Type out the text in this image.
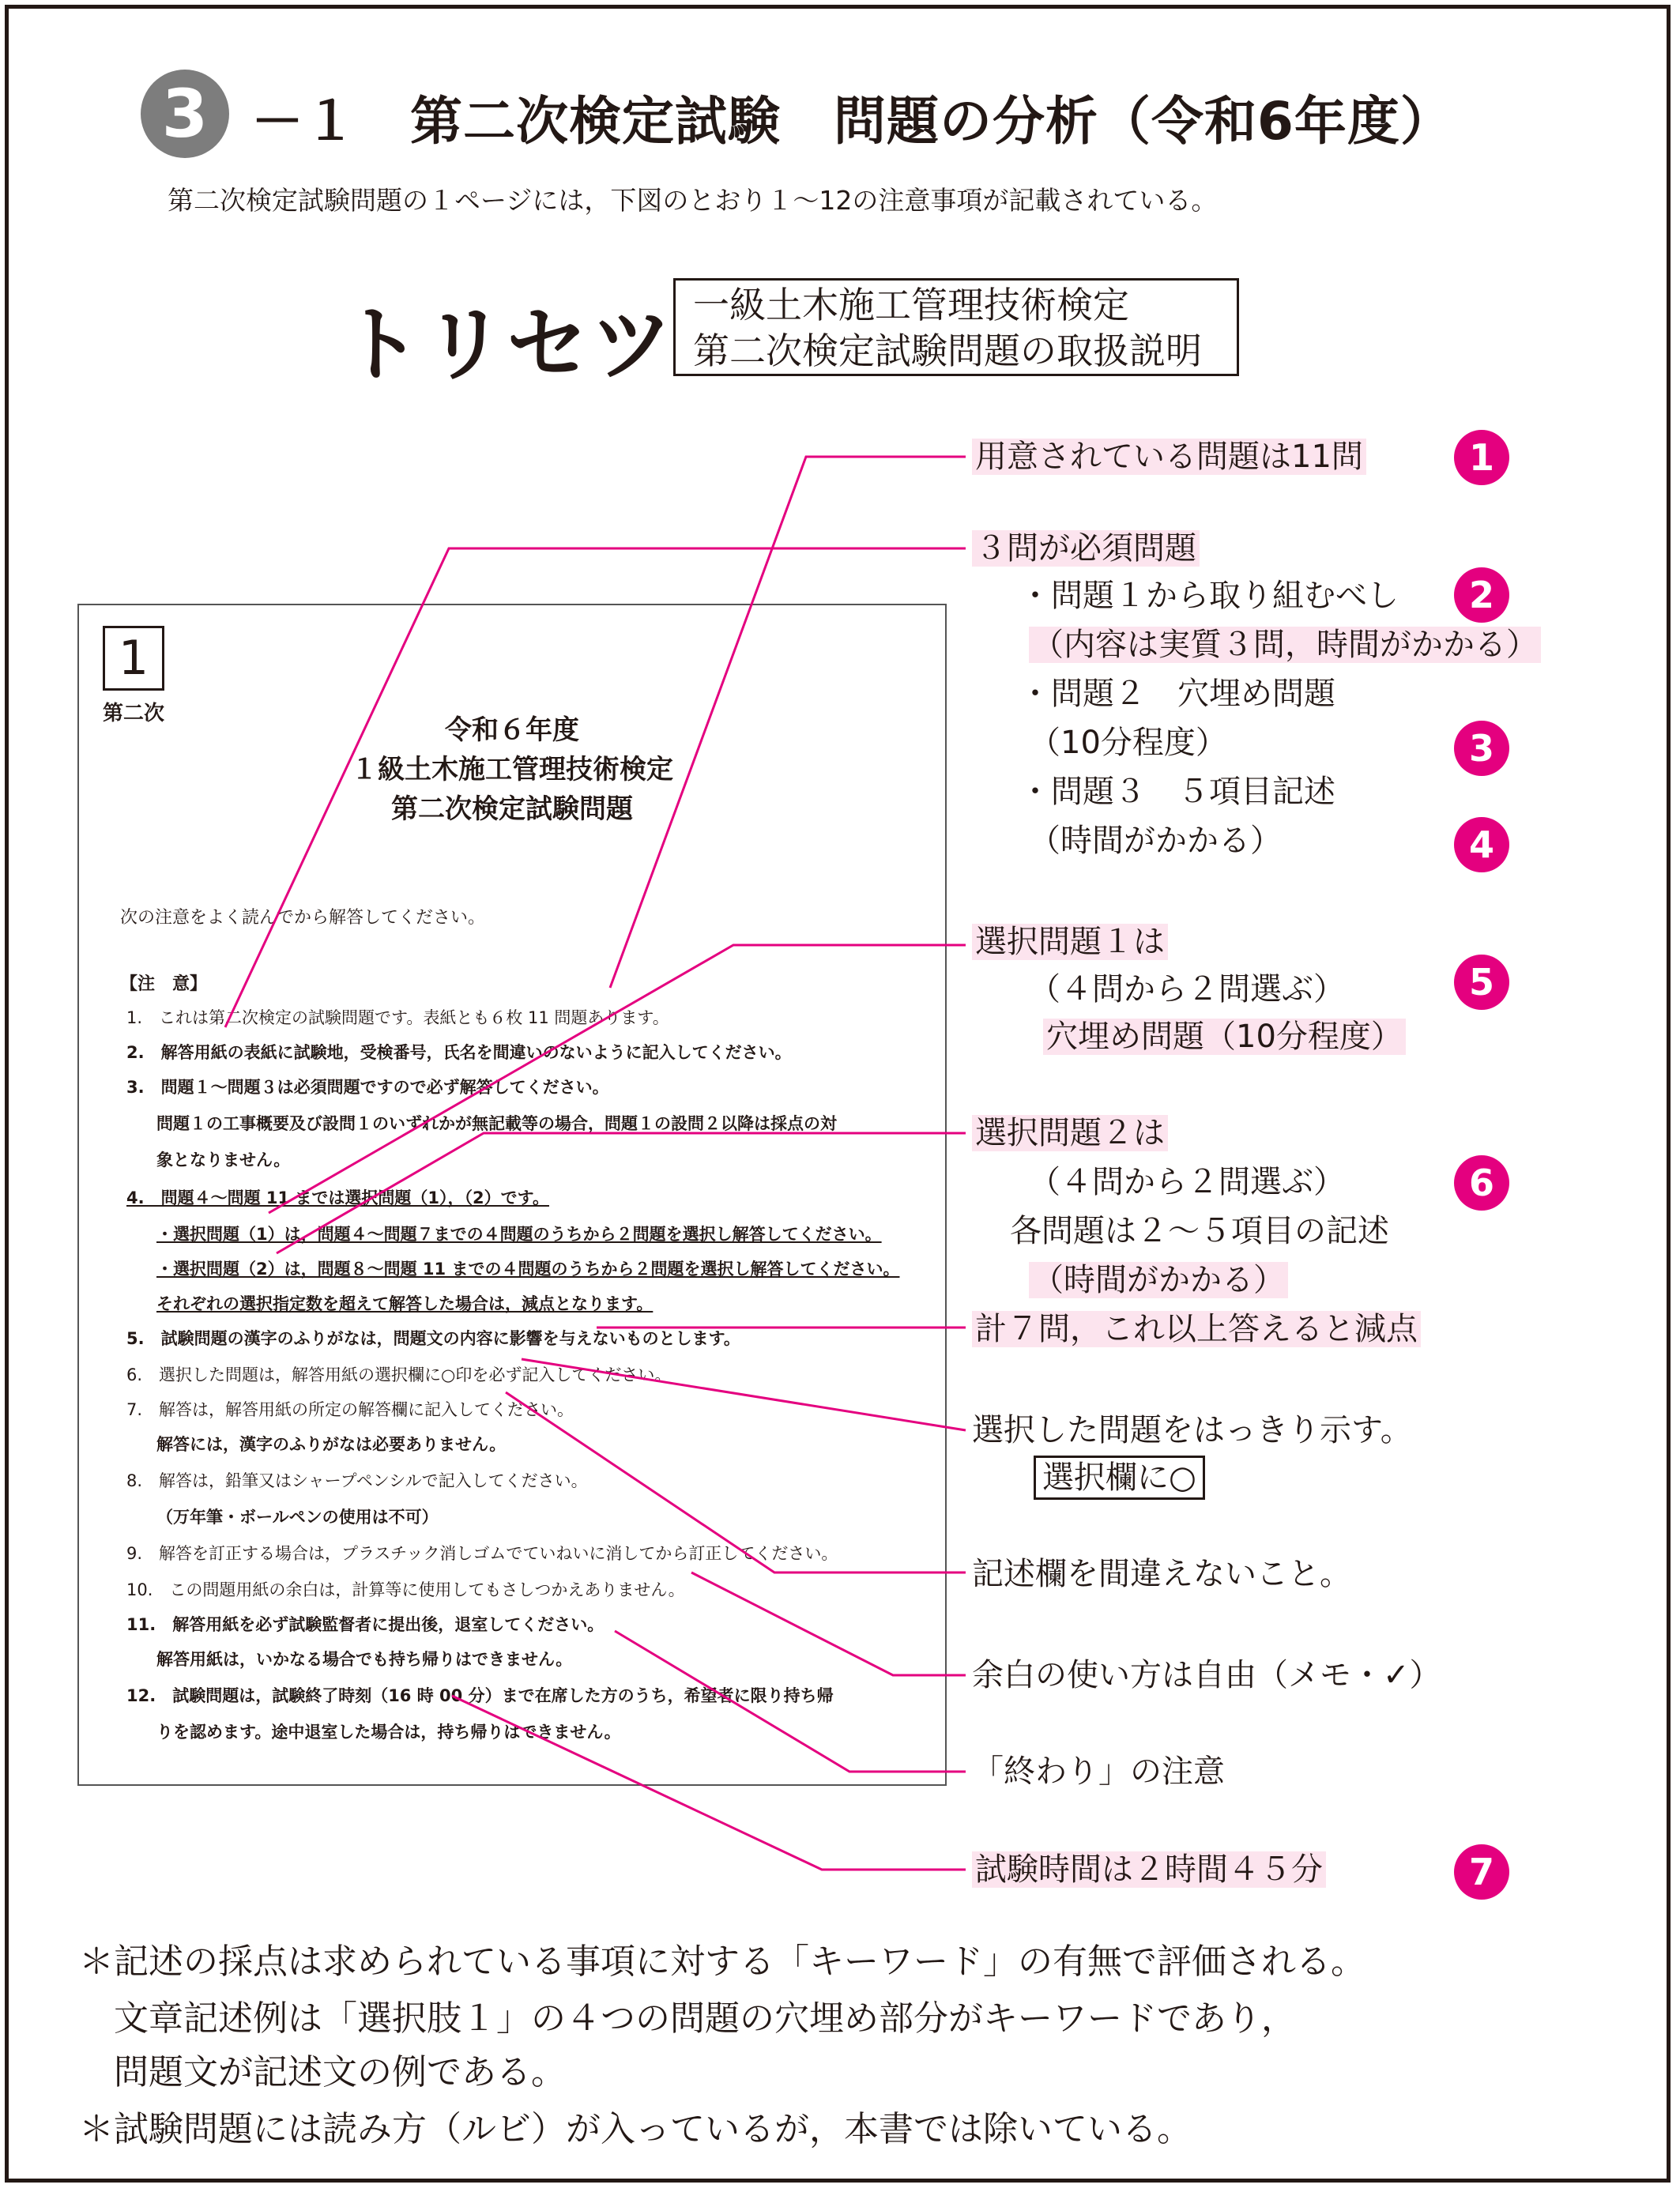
3 －１　第二次検定試験　問題の分析（令和6年度）
第二次検定試験問題の１ページには，下図のとおり１～12の注意事項が記載されている。
トリセツ 一級土木施工管理技術検定
第二次検定試験問題の取扱説明
1
第二次
令和６年度
１級土木施工管理技術検定
第二次検定試験問題
次の注意をよく読んでから解答してください。
【注　意】
1.　これは第二次検定の試験問題です。表紙とも６枚 11 問題あります。
2.　解答用紙の表紙に試験地，受検番号，氏名を間違いのないように記入してください。
3.　問題１～問題３は必須問題ですので必ず解答してください。
問題１の工事概要及び設問１のいずれかが無記載等の場合，問題１の設問２以降は採点の対
象となりません。
4.　問題４～問題 11 までは選択問題（1），（2）です。
・選択問題（1）は，問題４～問題７までの４問題のうちから２問題を選択し解答してください。
・選択問題（2）は，問題８～問題 11 までの４問題のうちから２問題を選択し解答してください。
それぞれの選択指定数を超えて解答した場合は，減点となります。
5.　試験問題の漢字のふりがなは，問題文の内容に影響を与えないものとします。
6.　選択した問題は，解答用紙の選択欄に○印を必ず記入してください。
7.　解答は，解答用紙の所定の解答欄に記入してください。
解答には，漢字のふりがなは必要ありません。
8.　解答は，鉛筆又はシャープペンシルで記入してください。
（万年筆・ボールペンの使用は不可）
9.　解答を訂正する場合は，プラスチック消しゴムでていねいに消してから訂正してください。
10.　この問題用紙の余白は，計算等に使用してもさしつかえありません。
11.　解答用紙を必ず試験監督者に提出後，退室してください。
解答用紙は，いかなる場合でも持ち帰りはできません。
12.　試験問題は，試験終了時刻（16 時 00 分）まで在席した方のうち，希望者に限り持ち帰
りを認めます。途中退室した場合は，持ち帰りはできません。
用意されている問題は11問	1
３問が必須問題
・問題１から取り組むべし	2
（内容は実質３問，時間がかかる）
・問題２　穴埋め問題
（10分程度）	3
・問題３　５項目記述
（時間がかかる）	4
選択問題１は
5
（４問から２問選ぶ）
穴埋め問題（10分程度）
選択問題２は
（４問から２問選ぶ）	6
各問題は２～５項目の記述
（時間がかかる）
計７問，これ以上答えると減点
選択した問題をはっきり示す。
選択欄に○
記述欄を間違えないこと。
余白の使い方は自由（メモ・✓）
「終わり」の注意
試験時間は２時間４５分	7
＊記述の採点は求められている事項に対する「キーワード」の有無で評価される。
文章記述例は「選択肢１」の４つの問題の穴埋め部分がキーワードであり，
問題文が記述文の例である。
＊試験問題には読み方（ルビ）が入っているが，本書では除いている。
